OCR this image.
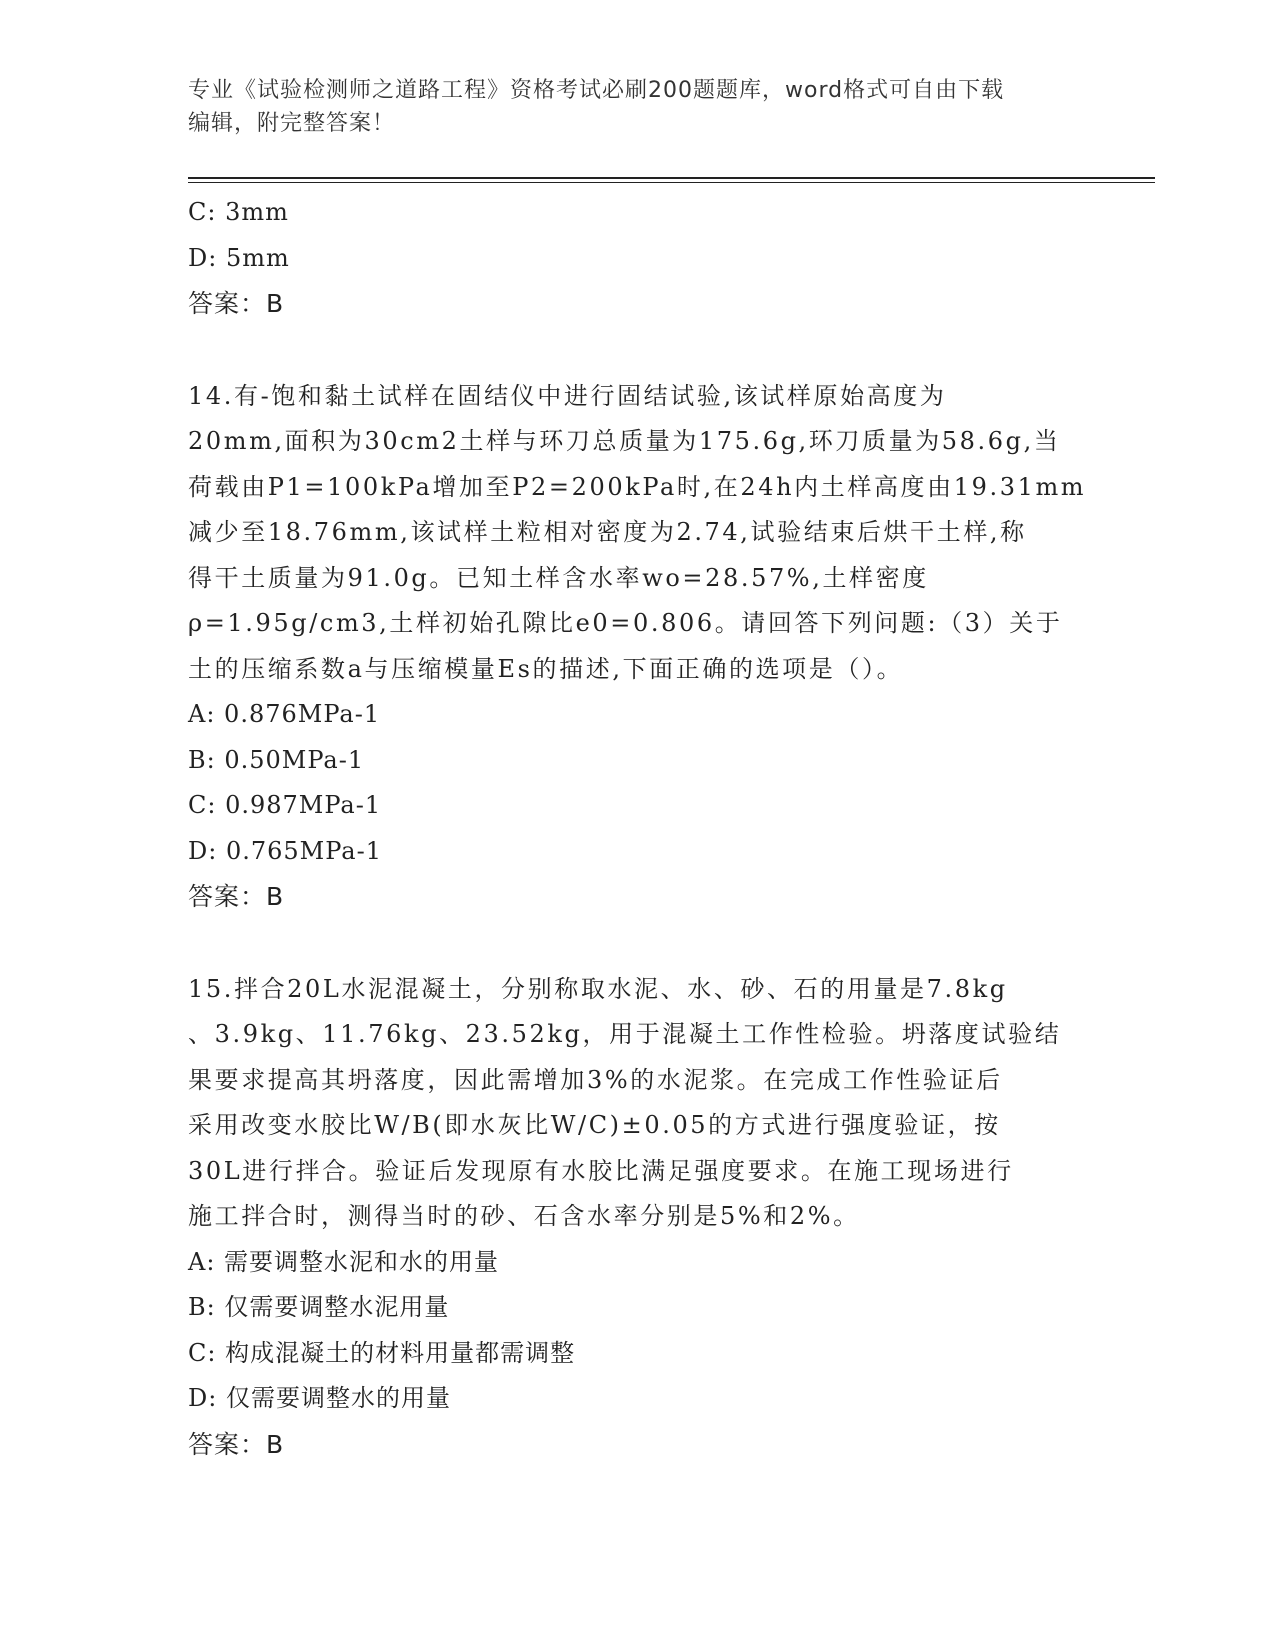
专业《试验检测师之道路工程》资格考试必刷200题题库，word格式可自由下载
编辑，附完整答案！
C: 3mm
D: 5mm
答案：B
14.有-饱和黏土试样在固结仪中进行固结试验,该试样原始高度为
20mm,面积为30cm2土样与环刀总质量为175.6g,环刀质量为58.6g,当
荷载由P1=100kPa增加至P2=200kPa时,在24h内土样高度由19.31mm
减少至18.76mm,该试样土粒相对密度为2.74,试验结束后烘干土样,称
得干土质量为91.0g。已知土样含水率wo=28.57%,土样密度
ρ=1.95g/cm3,土样初始孔隙比e0=0.806。请回答下列问题:（3）关于
土的压缩系数a与压缩模量Es的描述,下面正确的选项是（）。
A: 0.876MPa-1
B: 0.50MPa-1
C: 0.987MPa-1
D: 0.765MPa-1
答案：B
15.拌合20L水泥混凝土，分别称取水泥、水、砂、石的用量是7.8kg
、3.9kg、11.76kg、23.52kg，用于混凝土工作性检验。坍落度试验结
果要求提高其坍落度，因此需增加3%的水泥浆。在完成工作性验证后
采用改变水胶比W/B(即水灰比W/C)±0.05的方式进行强度验证，按
30L进行拌合。验证后发现原有水胶比满足强度要求。在施工现场进行
施工拌合时，测得当时的砂、石含水率分别是5%和2%。
A: 需要调整水泥和水的用量
B: 仅需要调整水泥用量
C: 构成混凝土的材料用量都需调整
D: 仅需要调整水的用量
答案：B
